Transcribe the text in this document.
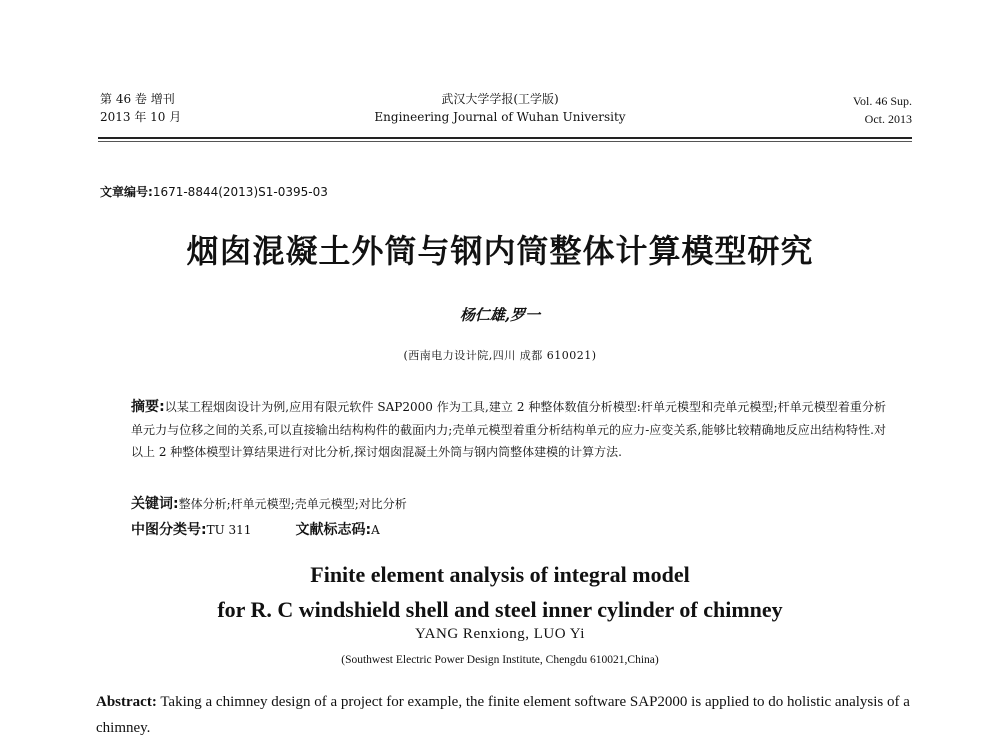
第 46 卷 增刊
2013 年 10 月
武汉大学学报(工学版)
Engineering Journal of Wuhan University
Vol. 46 Sup.
Oct. 2013
文章编号:1671-8844(2013)S1-0395-03
烟囱混凝土外筒与钢内筒整体计算模型研究
杨仁雄,罗一
(西南电力设计院,四川 成都 610021)
摘要:以某工程烟囱设计为例,应用有限元软件 SAP2000 作为工具,建立 2 种整体数值分析模型:杆单元模型和壳单元模型;杆单元模型着重分析单元力与位移之间的关系,可以直接输出结构构件的截面内力;壳单元模型着重分析结构单元的应力-应变关系,能够比较精确地反应出结构特性.对以上 2 种整体模型计算结果进行对比分析,探讨烟囱混凝土外筒与钢内筒整体建模的计算方法.
关键词:整体分析;杆单元模型;壳单元模型;对比分析
中图分类号:TU 311	文献标志码:A
Finite element analysis of integral model
for R. C windshield shell and steel inner cylinder of chimney
YANG Renxiong, LUO Yi
(Southwest Electric Power Design Institute, Chengdu 610021,China)
Abstract: Taking a chimney design of a project for example, the finite element software SAP2000 is applied to do holistic analysis of a chimney.
